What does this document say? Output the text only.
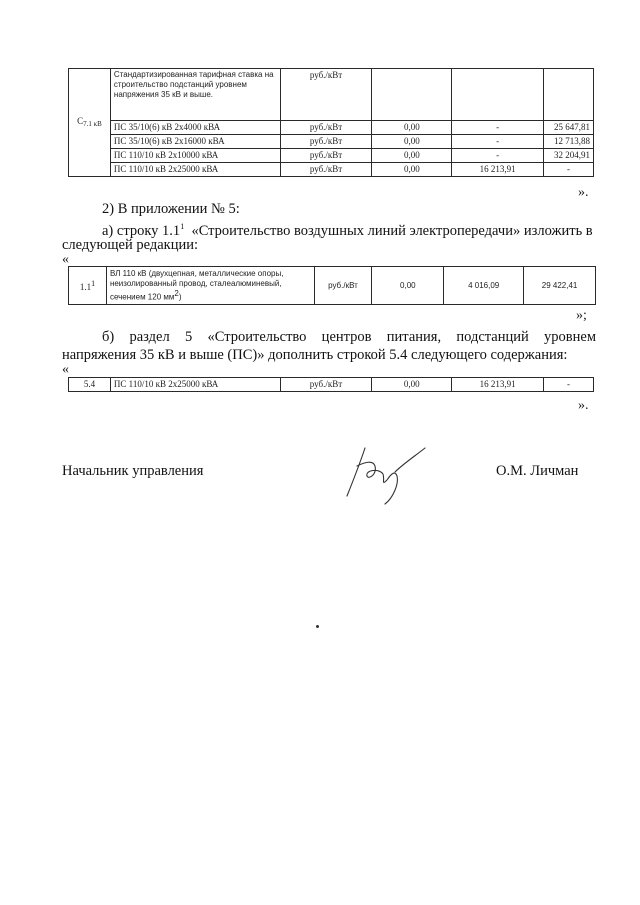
$C_{7.1 кВ}$	Стандартизированная тарифная ставка на строительство подстанций уровнем напряжения 35 кВ и выше.	руб./кВт			
	ПС 35/10(6) кВ 2х4000 кВА	руб./кВт	0,00	-	25 647,81
	ПС 35/10(6) кВ 2х16000 кВА	руб./кВт	0,00	-	12 713,88
	ПС 110/10 кВ 2х10000 кВА	руб./кВт	0,00	-	32 204,91
	ПС 110/10 кВ 2х25000 кВА	руб./кВт	0,00	16 213,91	-
».
2) В приложении № 5:
а) строку $1.1^1$ «Строительство воздушных линий электропередачи» изложить в
следующей редакции:
«
$1.1^1$	ВЛ 110 кВ (двухцепная, металлические опоры, неизолированный провод, сталеалюминевый, сечением 120 $мм^2$)	руб./кВт	0,00	4 016,09	29 422,41
»;
б) раздел 5 «Строительство центров питания, подстанций уровнем
напряжения 35 кВ и выше (ПС)» дополнить строкой 5.4 следующего содержания:
«
5.4	ПС 110/10 кВ 2х25000 кВА	руб./кВт	0,00	16 213,91	-
».
Начальник управления	О.М. Личман
